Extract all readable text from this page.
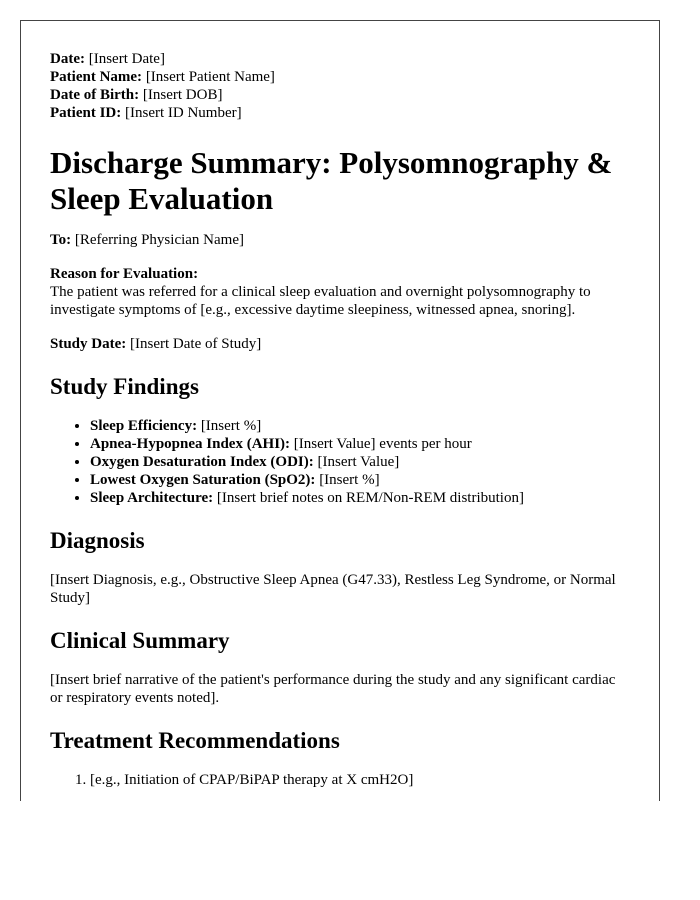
Date: [Insert Date]
Patient Name: [Insert Patient Name]
Date of Birth: [Insert DOB]
Patient ID: [Insert ID Number]
Discharge Summary: Polysomnography & Sleep Evaluation

To: [Referring Physician Name]

Reason for Evaluation:
The patient was referred for a clinical sleep evaluation and overnight polysomnography to investigate symptoms of [e.g., excessive daytime sleepiness, witnessed apnea, snoring].

Study Date: [Insert Date of Study]

Study Findings
• Sleep Efficiency: [Insert %]
• Apnea-Hypopnea Index (AHI): [Insert Value] events per hour
• Oxygen Desaturation Index (ODI): [Insert Value]
• Lowest Oxygen Saturation (SpO2): [Insert %]
• Sleep Architecture: [Insert brief notes on REM/Non-REM distribution]
Diagnosis

[Insert Diagnosis, e.g., Obstructive Sleep Apnea (G47.33), Restless Leg Syndrome, or Normal Study]

Clinical Summary

[Insert brief narrative of the patient's performance during the study and any significant cardiac or respiratory events noted].

Treatment Recommendations
1. [e.g., Initiation of CPAP/BiPAP therapy at X cmH2O]
